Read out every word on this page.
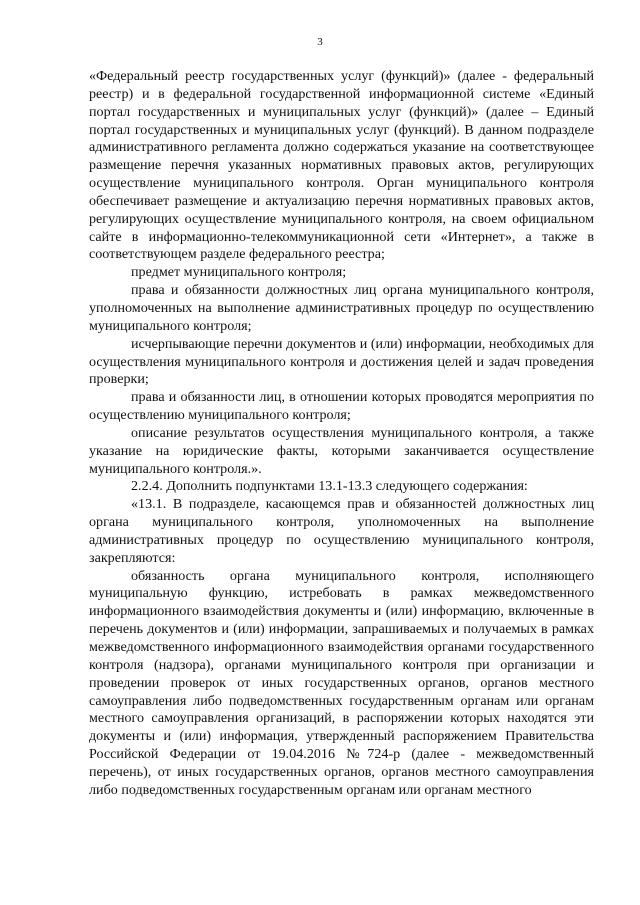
3

«Федеральный реестр государственных услуг (функций)» (далее - федеральный реестр) и в федеральной государственной информационной системе «Единый портал государственных и муниципальных услуг (функций)» (далее – Единый портал государственных и муниципальных услуг (функций). В данном подразделе административного регламента должно содержаться указание на соответствующее размещение перечня указанных нормативных правовых актов, регулирующих осуществление муниципального контроля. Орган муниципального контроля обеспечивает размещение и актуализацию перечня нормативных правовых актов, регулирующих осуществление муниципального контроля, на своем официальном сайте в информационно-телекоммуникационной сети «Интернет», а также в соответствующем разделе федерального реестра;

предмет муниципального контроля;

права и обязанности должностных лиц органа муниципального контроля, уполномоченных на выполнение административных процедур по осуществлению муниципального контроля;

исчерпывающие перечни документов и (или) информации, необходимых для осуществления муниципального контроля и достижения целей и задач проведения проверки;

права и обязанности лиц, в отношении которых проводятся мероприятия по осуществлению муниципального контроля;

описание результатов осуществления муниципального контроля, а также указание на юридические факты, которыми заканчивается осуществление муниципального контроля.».

2.2.4. Дополнить подпунктами 13.1-13.3 следующего содержания:

«13.1. В подразделе, касающемся прав и обязанностей должностных лиц органа муниципального контроля, уполномоченных на выполнение административных процедур по осуществлению муниципального контроля, закрепляются:

обязанность органа муниципального контроля, исполняющего муниципальную функцию, истребовать в рамках межведомственного информационного взаимодействия документы и (или) информацию, включенные в перечень документов и (или) информации, запрашиваемых и получаемых в рамках межведомственного информационного взаимодействия органами государственного контроля (надзора), органами муниципального контроля при организации и проведении проверок от иных государственных органов, органов местного самоуправления либо подведомственных государственным органам или органам местного самоуправления организаций, в распоряжении которых находятся эти документы и (или) информация, утвержденный распоряжением Правительства Российской Федерации от 19.04.2016 №724-р (далее - межведомственный перечень), от иных государственных органов, органов местного самоуправления либо подведомственных государственным органам или органам местного
